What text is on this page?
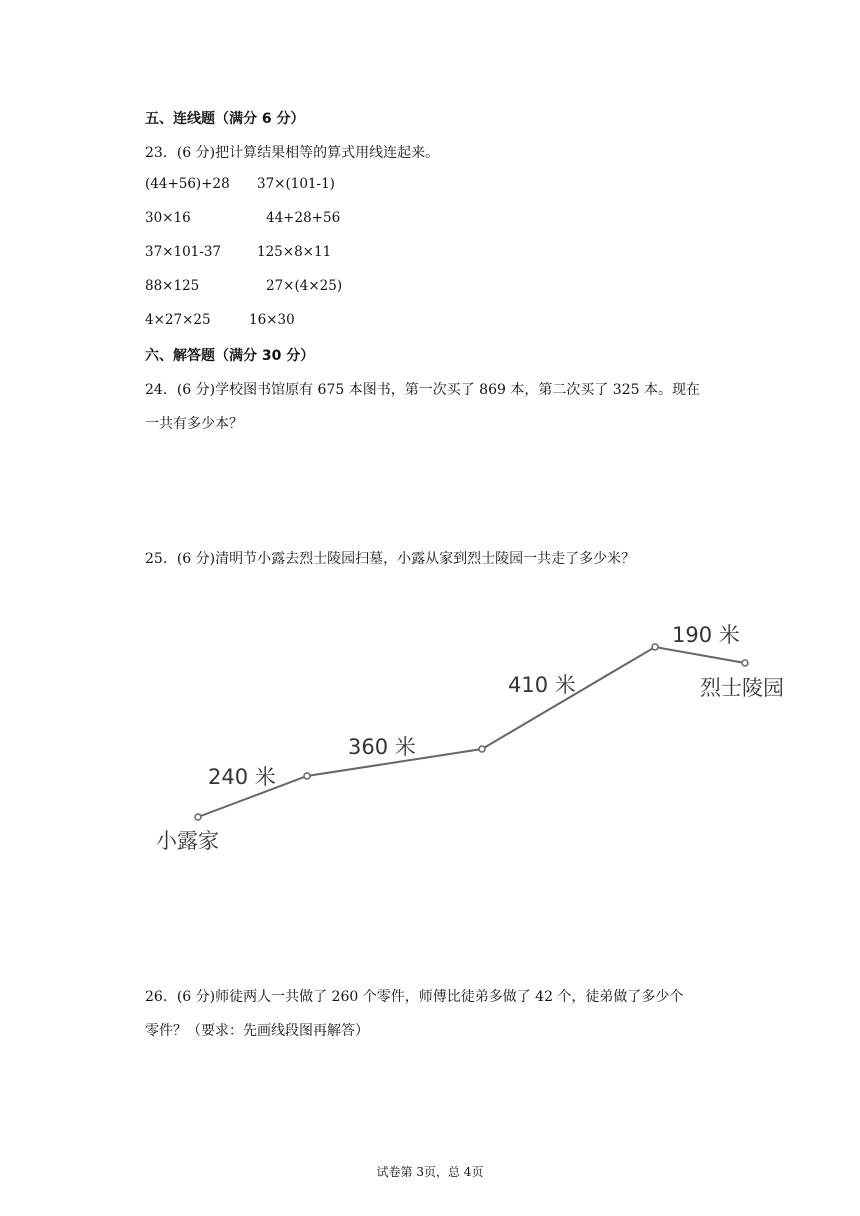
五、连线题（满分 6 分）
23．(6 分)把计算结果相等的算式用线连起来。
(44+56)+28 37×(101-1)
30×16	44+28+56
37×101-37	125×8×11
88×125	27×(4×25)
4×27×25	16×30
六、解答题（满分 30 分）
24．(6 分)学校图书馆原有 675 本图书，第一次买了 869 本，第二次买了 325 本。现在
一共有多少本？
25．(6 分)清明节小露去烈士陵园扫墓，小露从家到烈士陵园一共走了多少米？
240 米
360 米
410 米
190 米
小露家
烈士陵园
26．(6 分)师徒两人一共做了 260 个零件，师傅比徒弟多做了 42 个，徒弟做了多少个
零件？（要求：先画线段图再解答）
试卷第 3页，总 4页
